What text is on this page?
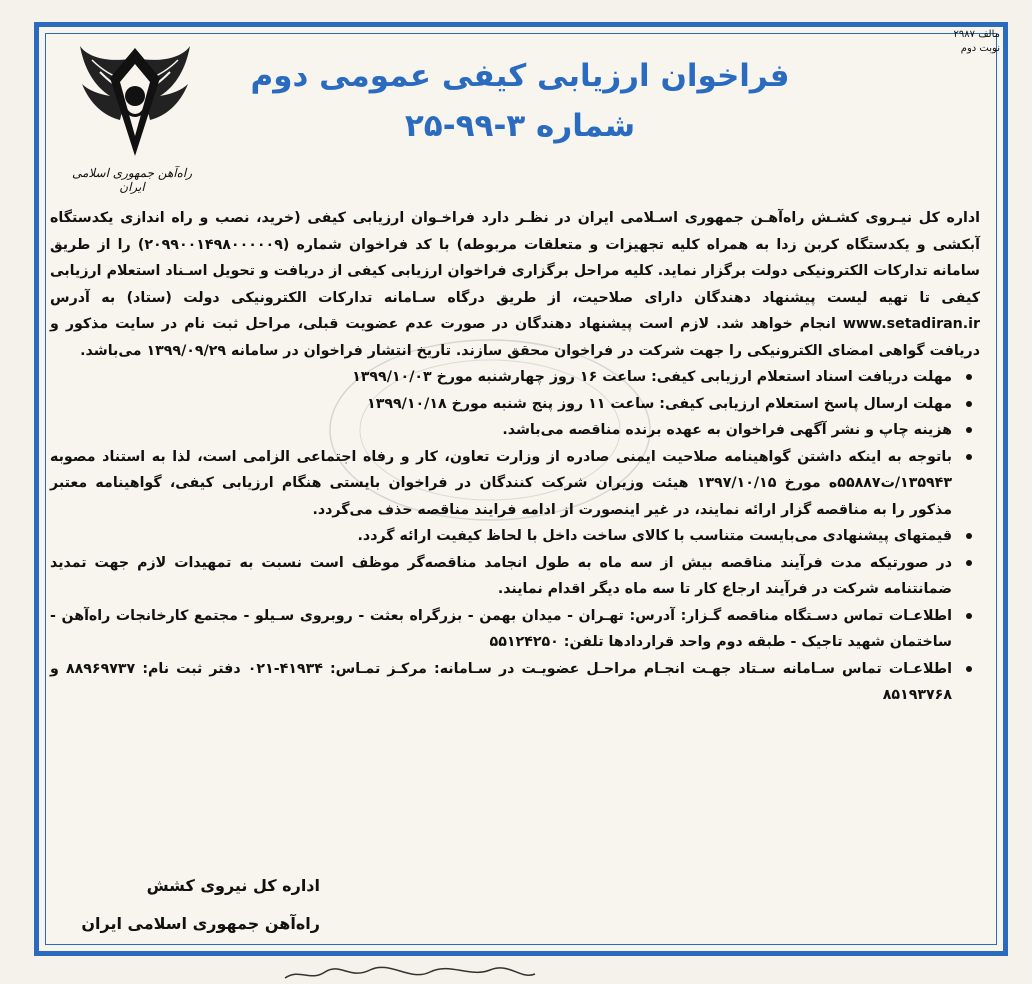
مالف ۲۹۸۷
نوبت دوم
راه‌آهن جمهوری اسلامی ایران
فراخوان ارزیابی کیفی عمومی دوم
شماره ۳-۹۹-۲۵

اداره کل نیـروی کشـش راه‌آهـن جمهوری اسـلامی ایران در نظـر دارد فراخـوان ارزیابی کیفی (خرید، نصب و راه اندازی یکدستگاه آبکشی و یکدستگاه کربن زدا به همراه کلیه تجهیزات و متعلقات مربوطه) با کد فراخوان شماره (۲۰۹۹۰۰۱۴۹۸۰۰۰۰۰۹) را از طریق سامانه تدارکات الکترونیکی دولت برگزار نماید. کلیه مراحل برگزاری فراخوان ارزیابی کیفی از دریافت و تحویل اسـناد استعلام ارزیابی کیفی تا تهیه لیست پیشنهاد دهندگان دارای صلاحیت، از طریق درگاه سـامانه تدارکات الکترونیکی دولت (ستاد) به آدرس www.setadiran.ir انجام خواهد شد. لازم است پیشنهاد دهندگان در صورت عدم عضویت قبلی، مراحل ثبت نام در سایت مذکور و دریافت گواهی امضای الکترونیکی را جهت شرکت در فراخوان محقق سازند. تاریخ انتشار فراخوان در سامانه ۱۳۹۹/۰۹/۲۹ می‌باشد.

مهلت دریافت اسناد استعلام ارزیابی کیفی: ساعت ۱۶ روز چهارشنبه مورخ ۱۳۹۹/۱۰/۰۳
مهلت ارسال پاسخ استعلام ارزیابی کیفی: ساعت ۱۱ روز پنج شنبه مورخ ۱۳۹۹/۱۰/۱۸
هزینه چاپ و نشر آگهی فراخوان به عهده برنده مناقصه می‌باشد.
باتوجه به اینکه داشتن گواهینامه صلاحیت ایمنی صادره از وزارت تعاون، کار و رفاه اجتماعی الزامی است، لذا به استناد مصوبه ۱۳۵۹۴۳/ت۵۵۸۸۷ه مورخ ۱۳۹۷/۱۰/۱۵ هیئت وزیران شرکت کنندگان در فراخوان بایستی هنگام ارزیابی کیفی، گواهینامه معتبر مذکور را به مناقصه گزار ارائه نمایند، در غیر اینصورت از ادامه فرایند مناقصه حذف می‌گردد.
قیمتهای پیشنهادی می‌بایست متناسب با کالای ساخت داخل با لحاظ کیفیت ارائه گردد.
در صورتیکه مدت فرآیند مناقصه بیش از سه ماه به طول انجامد مناقصه‌گر موظف است نسبت به تمهیدات لازم جهت تمدید ضمانتنامه شرکت در فرآیند ارجاع کار تا سه ماه دیگر اقدام نمایند.
اطلاعـات تماس دسـتگاه مناقصه گـزار: آدرس: تهـران - میدان بهمن - بزرگراه بعثت - روبروی سـیلو - مجتمع کارخانجات راه‌آهن - ساختمان شهید تاجیک - طبقه دوم واحد قراردادها تلفن: ۵۵۱۲۴۲۵۰
اطلاعـات تماس سـامانه سـتاد جهـت انجـام مراحـل عضویـت در سـامانه: مرکـز تمـاس: ۴۱۹۳۴-۰۲۱ دفتر ثبت نام: ۸۸۹۶۹۷۳۷ و ۸۵۱۹۳۷۶۸
اداره کل نیروی کشش
راه‌آهن جمهوری اسلامی ایران
